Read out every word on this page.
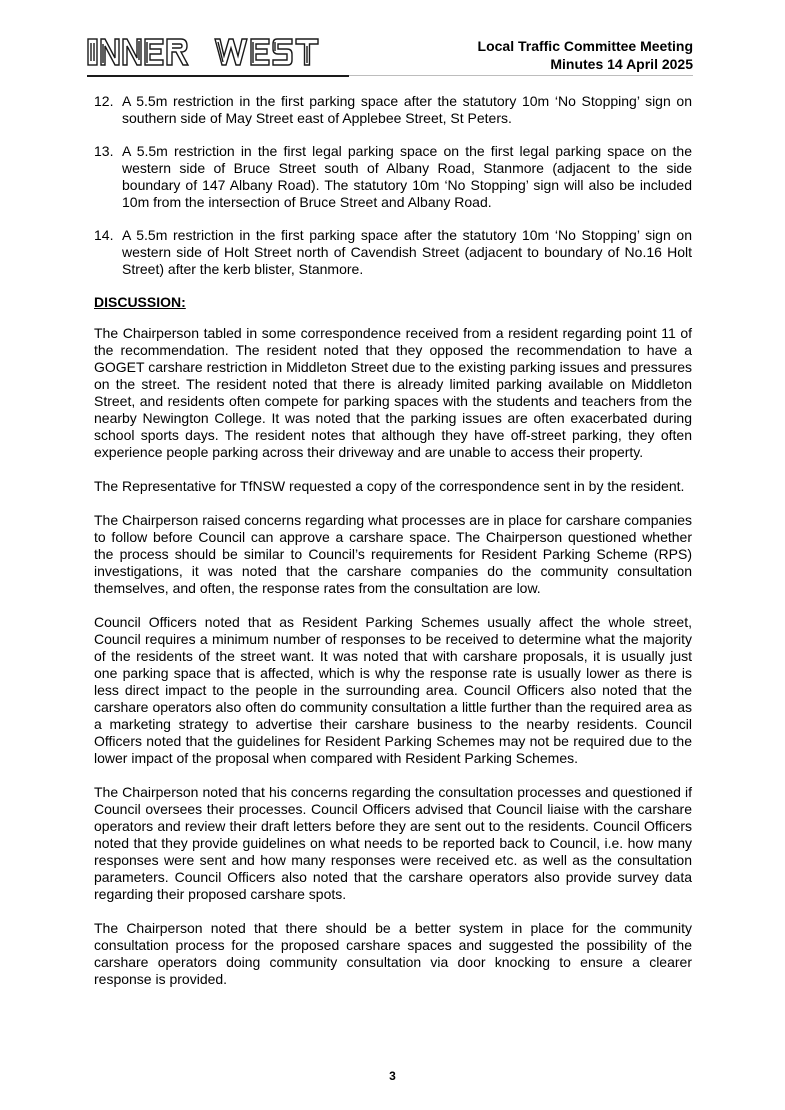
Local Traffic Committee Meeting
Minutes 14 April 2025
12. A 5.5m restriction in the first parking space after the statutory 10m ‘No Stopping’ sign on southern side of May Street east of Applebee Street, St Peters.
13. A 5.5m restriction in the first legal parking space on the first legal parking space on the western side of Bruce Street south of Albany Road, Stanmore (adjacent to the side boundary of 147 Albany Road). The statutory 10m ‘No Stopping’ sign will also be included 10m from the intersection of Bruce Street and Albany Road.
14. A 5.5m restriction in the first parking space after the statutory 10m ‘No Stopping’ sign on western side of Holt Street north of Cavendish Street (adjacent to boundary of No.16 Holt Street) after the kerb blister, Stanmore.
DISCUSSION:

The Chairperson tabled in some correspondence received from a resident regarding point 11 of the recommendation. The resident noted that they opposed the recommendation to have a GOGET carshare restriction in Middleton Street due to the existing parking issues and pressures on the street. The resident noted that there is already limited parking available on Middleton Street, and residents often compete for parking spaces with the students and teachers from the nearby Newington College. It was noted that the parking issues are often exacerbated during school sports days. The resident notes that although they have off-street parking, they often experience people parking across their driveway and are unable to access their property.

The Representative for TfNSW requested a copy of the correspondence sent in by the resident.

The Chairperson raised concerns regarding what processes are in place for carshare companies to follow before Council can approve a carshare space. The Chairperson questioned whether the process should be similar to Council’s requirements for Resident Parking Scheme (RPS) investigations, it was noted that the carshare companies do the community consultation themselves, and often, the response rates from the consultation are low.

Council Officers noted that as Resident Parking Schemes usually affect the whole street, Council requires a minimum number of responses to be received to determine what the majority of the residents of the street want. It was noted that with carshare proposals, it is usually just one parking space that is affected, which is why the response rate is usually lower as there is less direct impact to the people in the surrounding area. Council Officers also noted that the carshare operators also often do community consultation a little further than the required area as a marketing strategy to advertise their carshare business to the nearby residents. Council Officers noted that the guidelines for Resident Parking Schemes may not be required due to the lower impact of the proposal when compared with Resident Parking Schemes.

The Chairperson noted that his concerns regarding the consultation processes and questioned if Council oversees their processes. Council Officers advised that Council liaise with the carshare operators and review their draft letters before they are sent out to the residents. Council Officers noted that they provide guidelines on what needs to be reported back to Council, i.e. how many responses were sent and how many responses were received etc. as well as the consultation parameters. Council Officers also noted that the carshare operators also provide survey data regarding their proposed carshare spots.

The Chairperson noted that there should be a better system in place for the community consultation process for the proposed carshare spaces and suggested the possibility of the carshare operators doing community consultation via door knocking to ensure a clearer response is provided.

3
